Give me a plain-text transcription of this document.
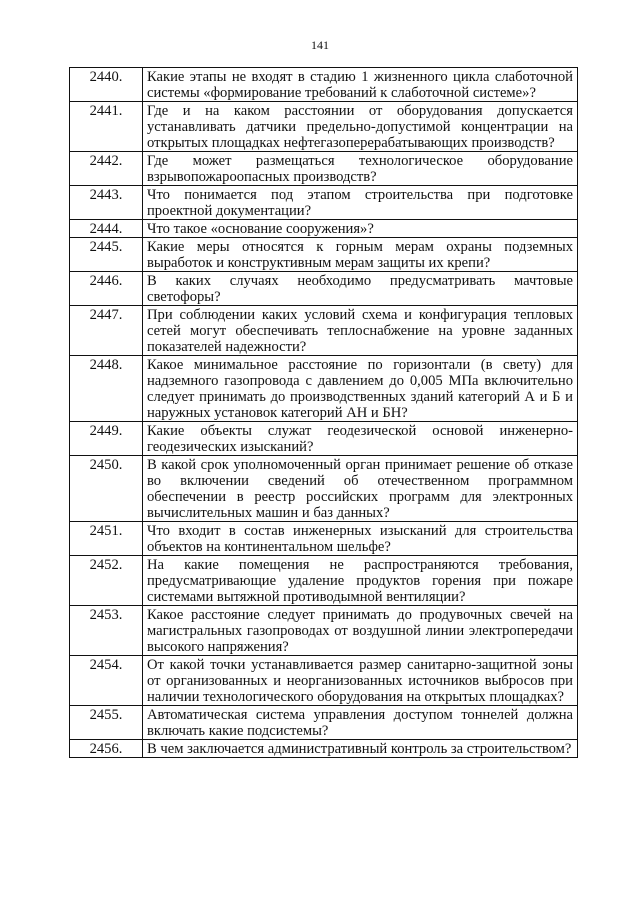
141
2440.	Какие этапы не входят в стадию 1 жизненного цикла слаботочной системы «формирование требований к слаботочной системе»?
2441.	Где и на каком расстоянии от оборудования допускается устанавливать датчики предельно-допустимой концентрации на открытых площадках нефтегазоперерабатывающих производств?
2442.	Где может размещаться технологическое оборудование взрывопожароопасных производств?
2443.	Что понимается под этапом строительства при подготовке проектной документации?
2444.	Что такое «основание сооружения»?
2445.	Какие меры относятся к горным мерам охраны подземных выработок и конструктивным мерам защиты их крепи?
2446.	В каких случаях необходимо предусматривать мачтовые светофоры?
2447.	При соблюдении каких условий схема и конфигурация тепловых сетей могут обеспечивать теплоснабжение на уровне заданных показателей надежности?
2448.	Какое минимальное расстояние по горизонтали (в свету) для надземного газопровода с давлением до 0,005 МПа включительно следует принимать до производственных зданий категорий А и Б и наружных установок категорий АН и БН?
2449.	Какие объекты служат геодезической основой инженерно-геодезических изысканий?
2450.	В какой срок уполномоченный орган принимает решение об отказе во включении сведений об отечественном программном обеспечении в реестр российских программ для электронных вычислительных машин и баз данных?
2451.	Что входит в состав инженерных изысканий для строительства объектов на континентальном шельфе?
2452.	На какие помещения не распространяются требования, предусматривающие удаление продуктов горения при пожаре системами вытяжной противодымной вентиляции?
2453.	Какое расстояние следует принимать до продувочных свечей на магистральных газопроводах от воздушной линии электропередачи высокого напряжения?
2454.	От какой точки устанавливается размер санитарно-защитной зоны от организованных и неорганизованных источников выбросов при наличии технологического оборудования на открытых площадках?
2455.	Автоматическая система управления доступом тоннелей должна включать какие подсистемы?
2456.	В чем заключается административный контроль за строительством?
